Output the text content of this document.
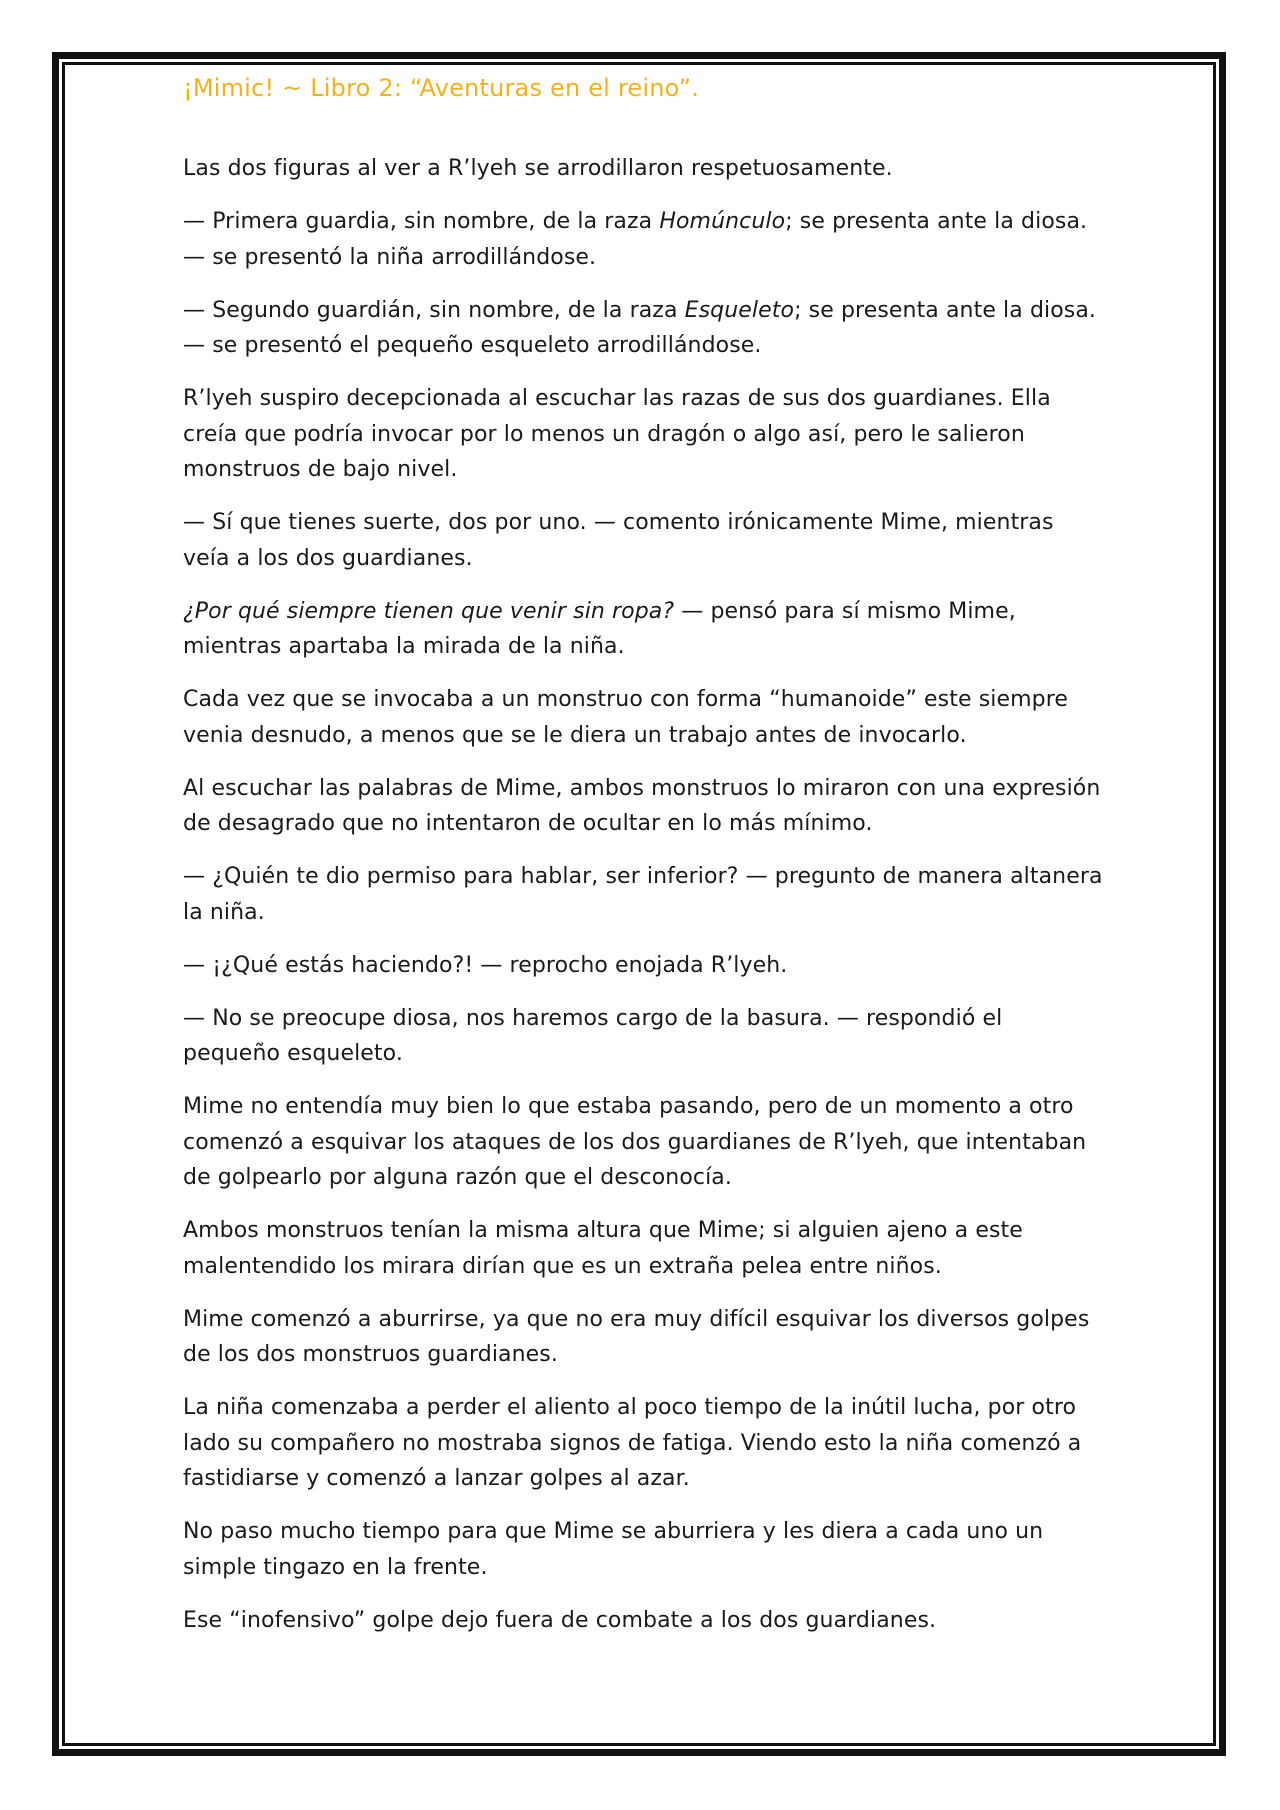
¡Mimic! ~ Libro 2: “Aventuras en el reino”.

Las dos figuras al ver a R’lyeh se arrodillaron respetuosamente.

— Primera guardia, sin nombre, de la raza Homúnculo; se presenta ante la diosa. — se presentó la niña arrodillándose.

— Segundo guardián, sin nombre, de la raza Esqueleto; se presenta ante la diosa. — se presentó el pequeño esqueleto arrodillándose.

R’lyeh suspiro decepcionada al escuchar las razas de sus dos guardianes. Ella creía que podría invocar por lo menos un dragón o algo así, pero le salieron monstruos de bajo nivel.

— Sí que tienes suerte, dos por uno. — comento irónicamente Mime, mientras veía a los dos guardianes.

¿Por qué siempre tienen que venir sin ropa? — pensó para sí mismo Mime, mientras apartaba la mirada de la niña.

Cada vez que se invocaba a un monstruo con forma “humanoide” este siempre venia desnudo, a menos que se le diera un trabajo antes de invocarlo.

Al escuchar las palabras de Mime, ambos monstruos lo miraron con una expresión de desagrado que no intentaron de ocultar en lo más mínimo.

— ¿Quién te dio permiso para hablar, ser inferior? — pregunto de manera altanera la niña.

— ¡¿Qué estás haciendo?! — reprocho enojada R’lyeh.

— No se preocupe diosa, nos haremos cargo de la basura. — respondió el pequeño esqueleto.

Mime no entendía muy bien lo que estaba pasando, pero de un momento a otro comenzó a esquivar los ataques de los dos guardianes de R’lyeh, que intentaban de golpearlo por alguna razón que el desconocía.

Ambos monstruos tenían la misma altura que Mime; si alguien ajeno a este malentendido los mirara dirían que es un extraña pelea entre niños.

Mime comenzó a aburrirse, ya que no era muy difícil esquivar los diversos golpes de los dos monstruos guardianes.

La niña comenzaba a perder el aliento al poco tiempo de la inútil lucha, por otro lado su compañero no mostraba signos de fatiga. Viendo esto la niña comenzó a fastidiarse y comenzó a lanzar golpes al azar.

No paso mucho tiempo para que Mime se aburriera y les diera a cada uno un simple tingazo en la frente.

Ese “inofensivo” golpe dejo fuera de combate a los dos guardianes.
